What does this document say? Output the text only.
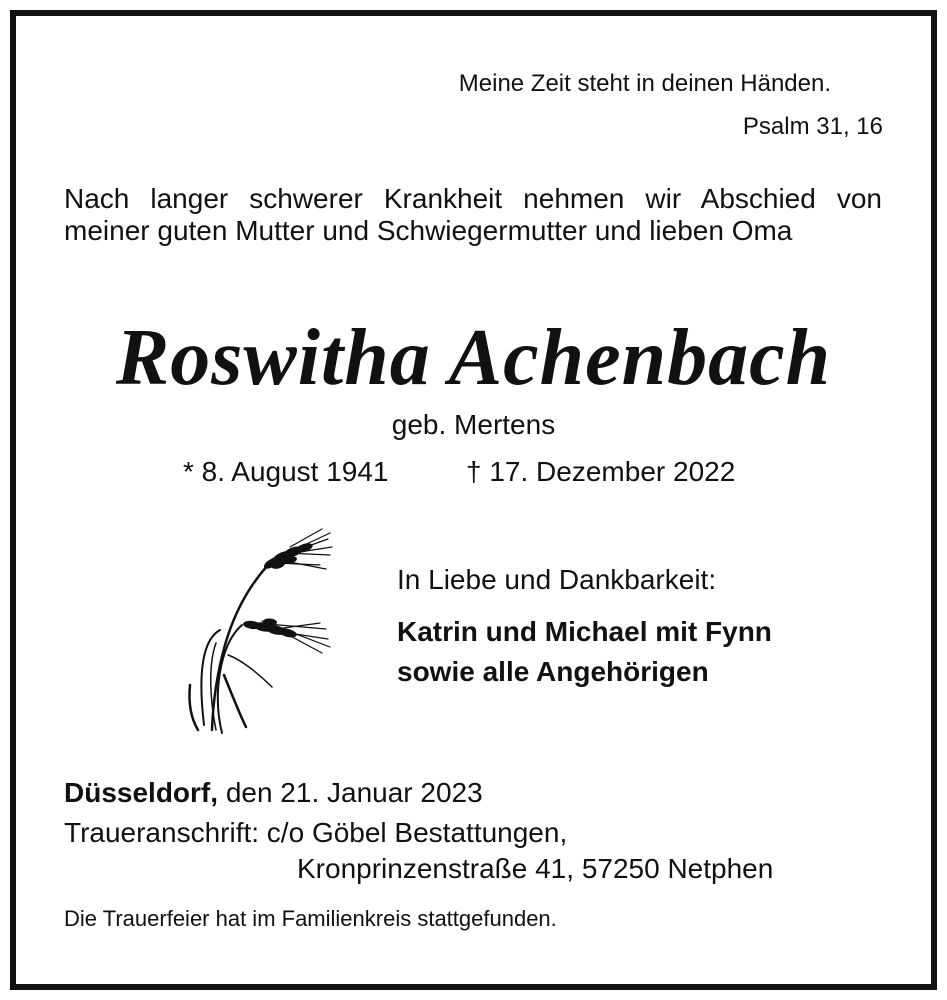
Meine Zeit steht in deinen Händen.
Psalm 31, 16
Nach langer schwerer Krankheit nehmen wir Abschied von meiner guten Mutter und Schwiegermutter und lieben Oma
Roswitha Achenbach
geb. Mertens
* 8. August 1941	† 17. Dezember 2022
In Liebe und Dankbarkeit:
Katrin und Michael mit Fynn
sowie alle Angehörigen
Düsseldorf, den 21. Januar 2023
Traueranschrift: c/o Göbel Bestattungen,
Kronprinzenstraße 41, 57250 Netphen
Die Trauerfeier hat im Familienkreis stattgefunden.
